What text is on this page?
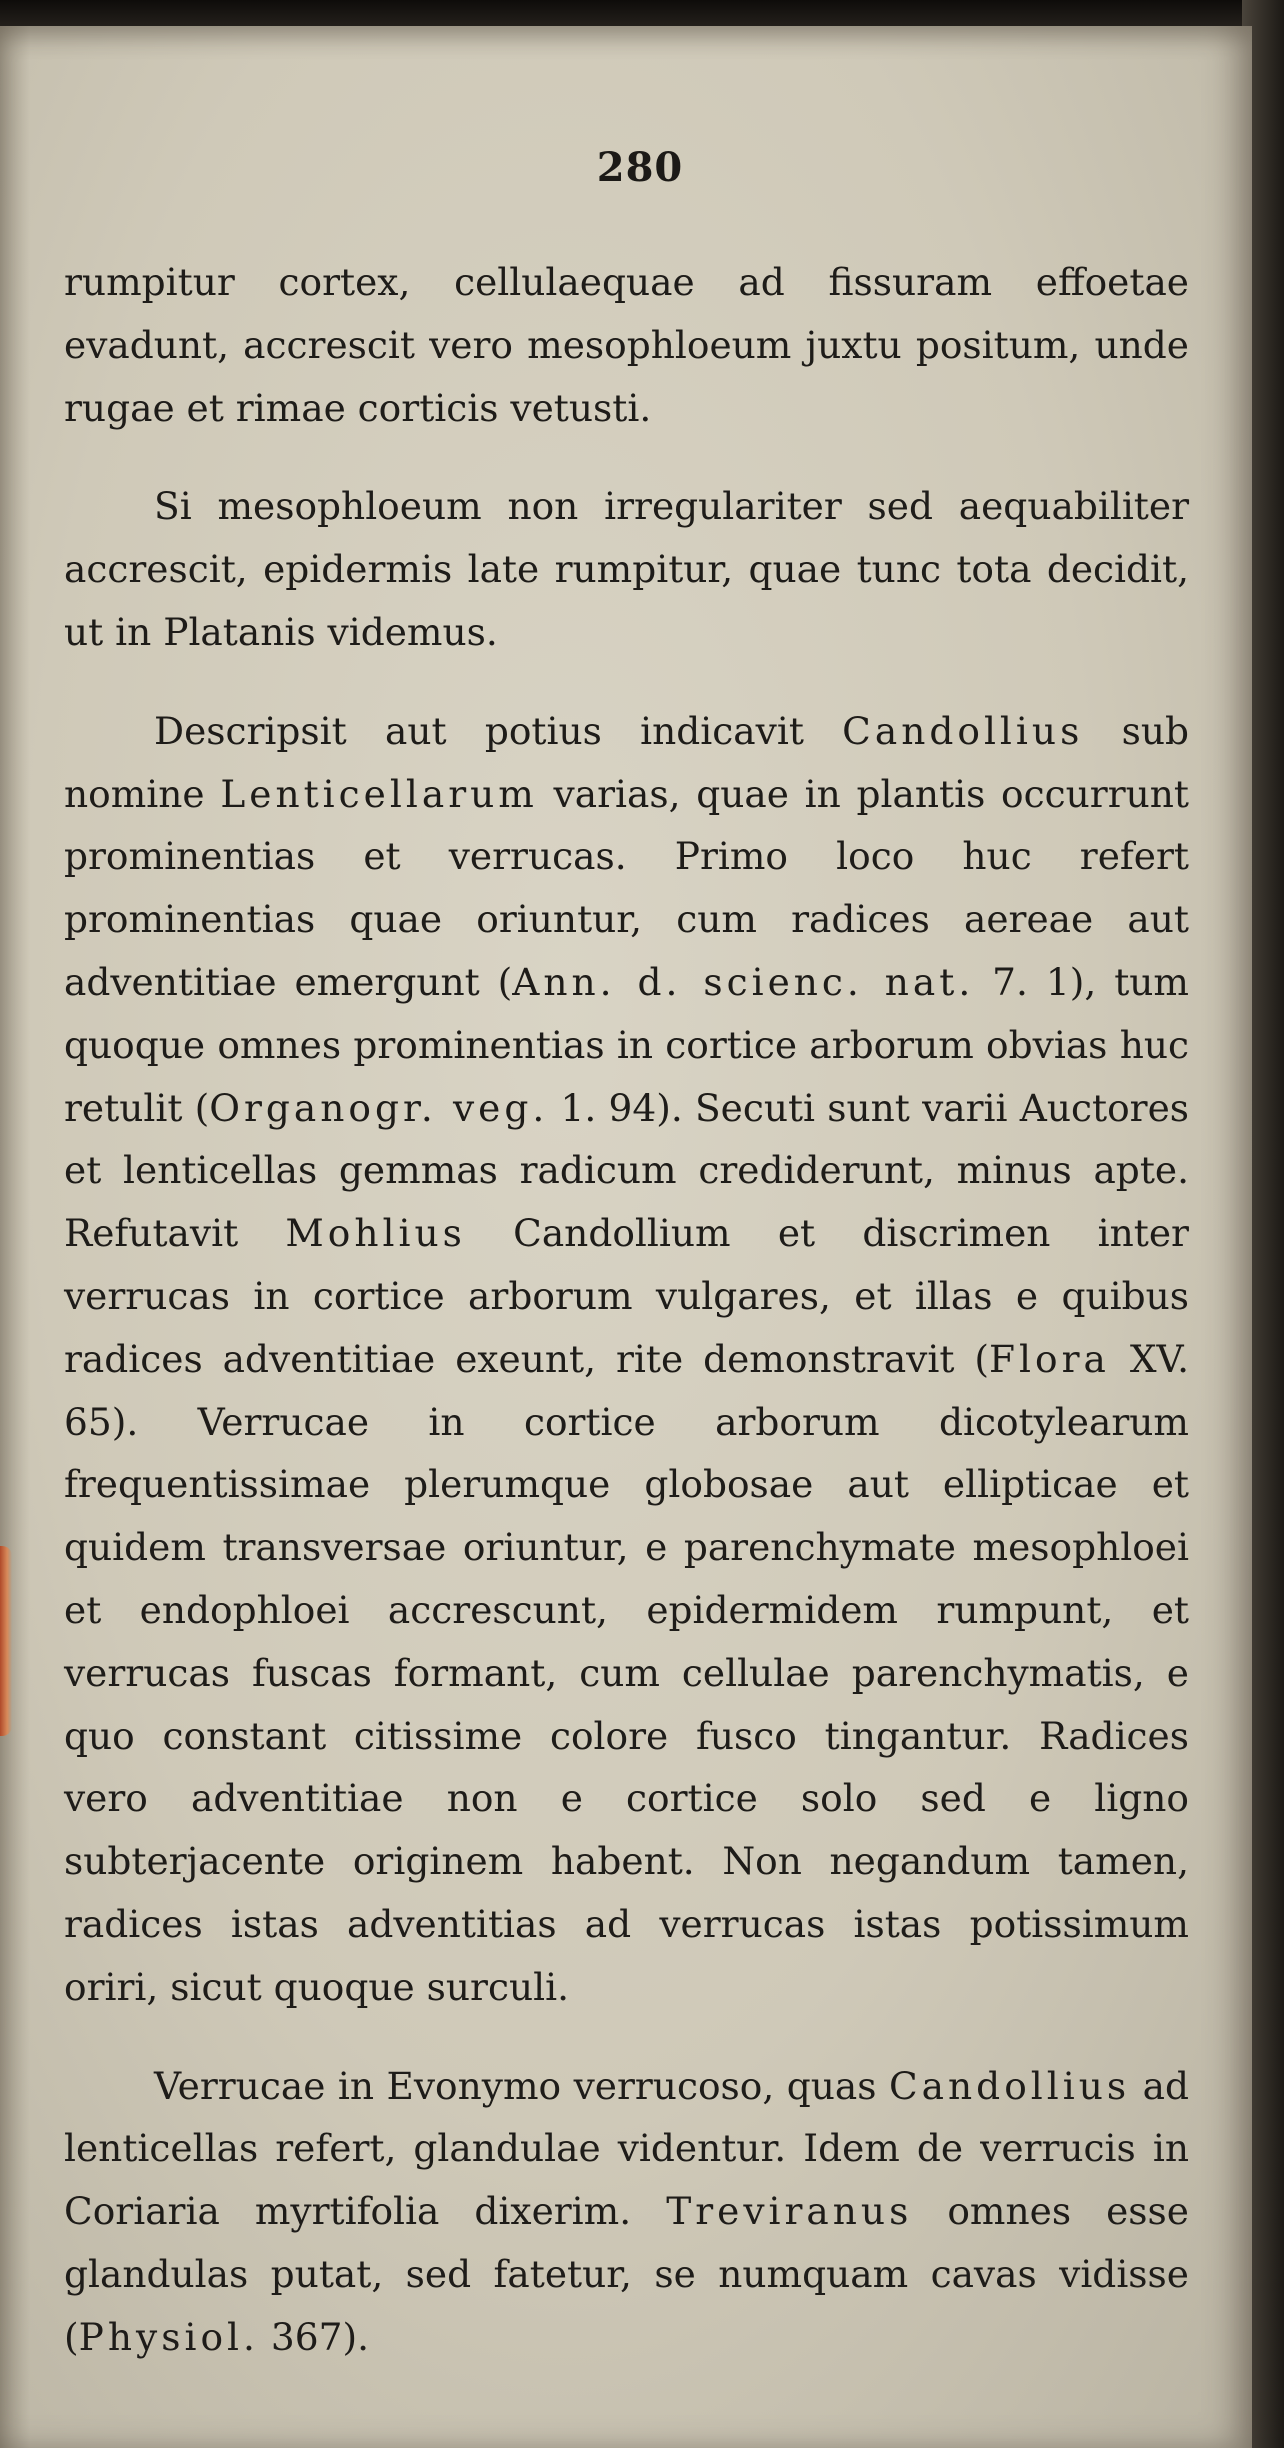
280

rumpitur cortex, cellulaequae ad fissuram effoetae evadunt, accrescit vero mesophloeum juxtu positum, unde rugae et rimae corticis vetusti.

Si mesophloeum non irregulariter sed aequabiliter accrescit, epidermis late rumpitur, quae tunc tota decidit, ut in Platanis videmus.

Descripsit aut potius indicavit Candollius sub nomine Lenticellarum varias, quae in plantis occurrunt prominentias et verrucas. Primo loco huc refert prominentias quae oriuntur, cum radices aereae aut adventitiae emergunt (Ann. d. scienc. nat. 7. 1), tum quoque omnes prominentias in cortice arborum obvias huc retulit (Organogr. veg. 1. 94). Secuti sunt varii Auctores et lenticellas gemmas radicum crediderunt, minus apte. Refutavit Mohlius Candollium et discrimen inter verrucas in cortice arborum vulgares, et illas e quibus radices adventitiae exeunt, rite demonstravit (Flora XV. 65). Verrucae in cortice arborum dicotylearum frequentissimae plerumque globosae aut ellipticae et quidem transversae oriuntur, e parenchymate mesophloei et endophloei accrescunt, epidermidem rumpunt, et verrucas fuscas formant, cum cellulae parenchymatis, e quo constant citissime colore fusco tingantur. Radices vero adventitiae non e cortice solo sed e ligno subterjacente originem habent. Non negandum tamen, radices istas adventitias ad verrucas istas potissimum oriri, sicut quoque surculi.

Verrucae in Evonymo verrucoso, quas Candollius ad lenticellas refert, glandulae videntur. Idem de verrucis in Coriaria myrtifolia dixerim. Treviranus omnes esse glandulas putat, sed fatetur, se numquam cavas vidisse (Physiol. 367).
